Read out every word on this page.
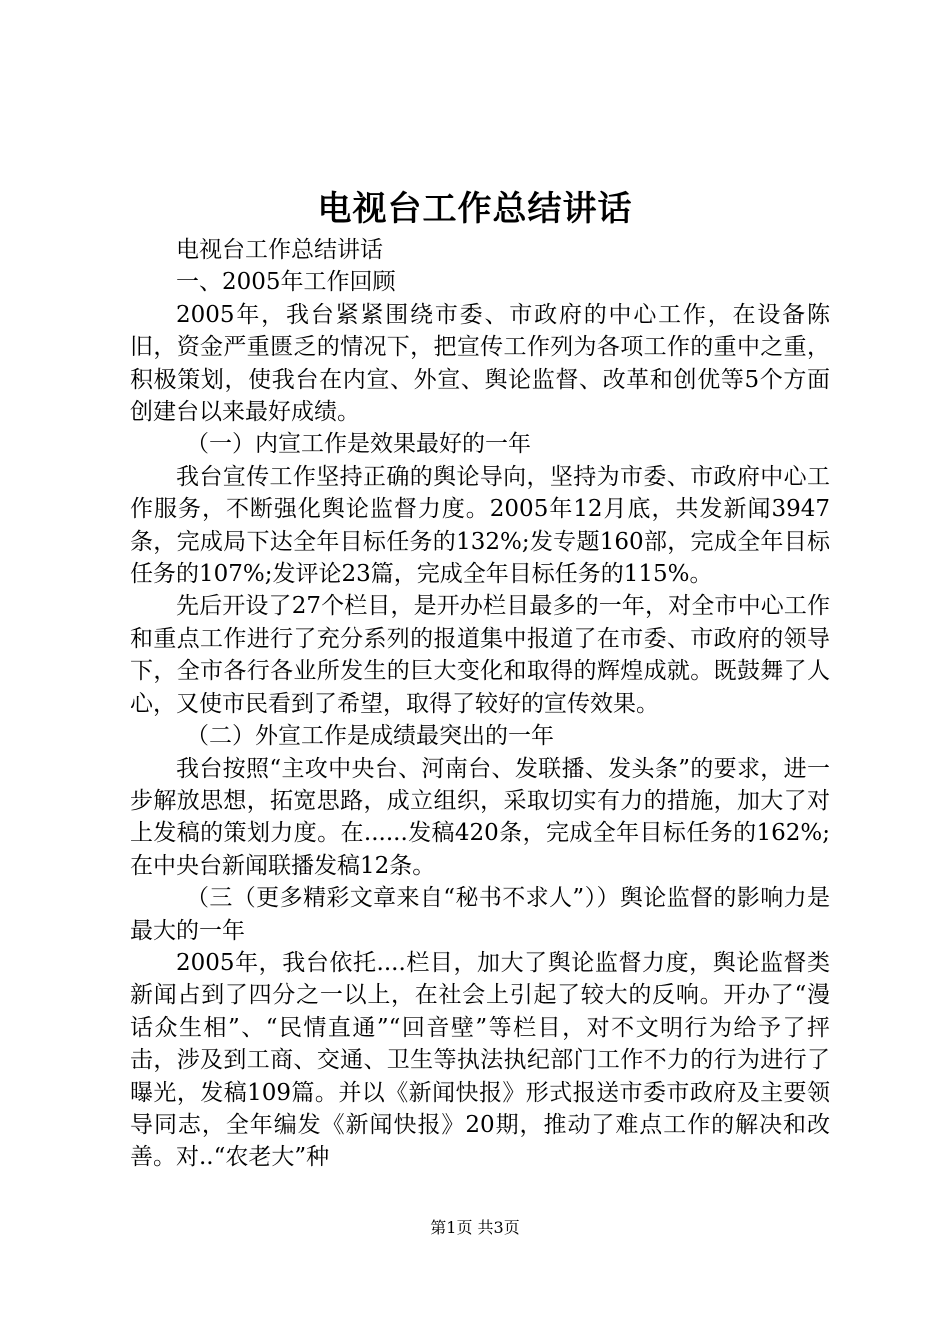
电视台工作总结讲话

电视台工作总结讲话

一、2005年工作回顾

2005年，我台紧紧围绕市委、市政府的中心工作，在设备陈旧，资金严重匮乏的情况下，把宣传工作列为各项工作的重中之重，积极策划，使我台在内宣、外宣、舆论监督、改革和创优等5个方面创建台以来最好成绩。

（一）内宣工作是效果最好的一年

我台宣传工作坚持正确的舆论导向，坚持为市委、市政府中心工作服务，不断强化舆论监督力度。2005年12月底，共发新闻3947条，完成局下达全年目标任务的132%;发专题160部，完成全年目标任务的107%;发评论23篇，完成全年目标任务的115%。

先后开设了27个栏目，是开办栏目最多的一年，对全市中心工作和重点工作进行了充分系列的报道集中报道了在市委、市政府的领导下，全市各行各业所发生的巨大变化和取得的辉煌成就。既鼓舞了人心，又使市民看到了希望，取得了较好的宣传效果。

（二）外宣工作是成绩最突出的一年

我台按照“主攻中央台、河南台、发联播、发头条”的要求，进一步解放思想，拓宽思路，成立组织，采取切实有力的措施，加大了对上发稿的策划力度。在......发稿420条，完成全年目标任务的162%;在中央台新闻联播发稿12条。

（三（更多精彩文章来自“秘书不求人”））舆论监督的影响力是最大的一年

2005年，我台依托....栏目，加大了舆论监督力度，舆论监督类新闻占到了四分之一以上，在社会上引起了较大的反响。开办了“漫话众生相”、“民情直通”“回音壁”等栏目，对不文明行为给予了抨击，涉及到工商、交通、卫生等执法执纪部门工作不力的行为进行了曝光，发稿109篇。并以《新闻快报》形式报送市委市政府及主要领导同志，全年编发《新闻快报》20期，推动了难点工作的解决和改善。对..“农老大”种

第1页 共3页
